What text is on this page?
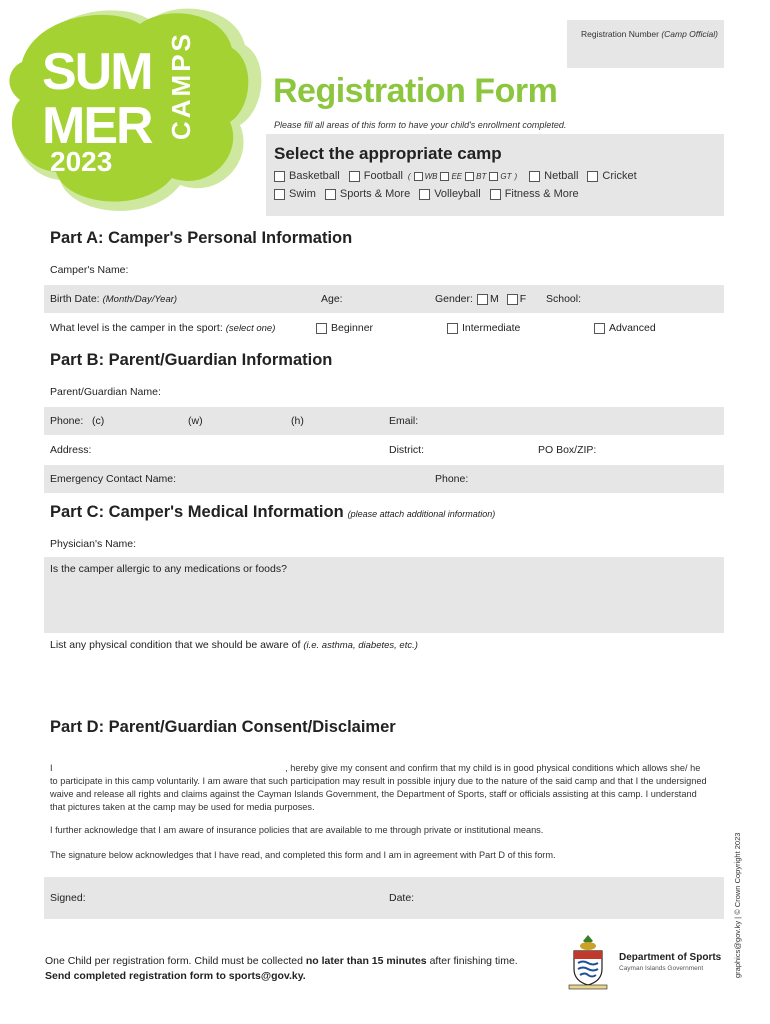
SUM
MER CAMPS
2023
Registration Number (Camp Official)
Registration Form
Please fill all areas of this form to have your child's enrollment completed.
Select the appropriate camp
Basketball Football ( WB EE BT GT ) Netball Cricket
Swim Sports & More Volleyball Fitness & More
Part A: Camper's Personal Information
Camper's Name:
Birth Date: (Month/Day/Year)	Age:	Gender: M F School:
What level is the camper in the sport: (select one)	Beginner	Intermediate	Advanced
Part B: Parent/Guardian Information
Parent/Guardian Name:
Phone: (c)	(w)	(h)	Email:
Address:	District:	PO Box/ZIP:
Emergency Contact Name:	Phone:
Part C: Camper's Medical Information (please attach additional information)
Physician's Name:
Is the camper allergic to any medications or foods?
List any physical condition that we should be aware of (i.e. asthma, diabetes, etc.)
Part D: Parent/Guardian Consent/Disclaimer
I	, hereby give my consent and confirm that my child is in good physical conditions which allows she/ he to participate in this camp voluntarily. I am aware that such participation may result in possible injury due to the nature of the said camp and that I the undersigned waive and release all rights and claims against the Cayman Islands Government, the Department of Sports, staff or officials assisting at this camp. I understand that pictures taken at the camp may be used for media purposes.
I further acknowledge that I am aware of insurance policies that are available to me through private or institutional means.
The signature below acknowledges that I have read, and completed this form and I am in agreement with Part D of this form.
Signed:	Date:
One Child per registration form. Child must be collected no later than 15 minutes after finishing time.
Send completed registration form to sports@gov.ky.
Department of Sports
Cayman Islands Government	graphics@gov.ky | © Crown Copyright 2023
